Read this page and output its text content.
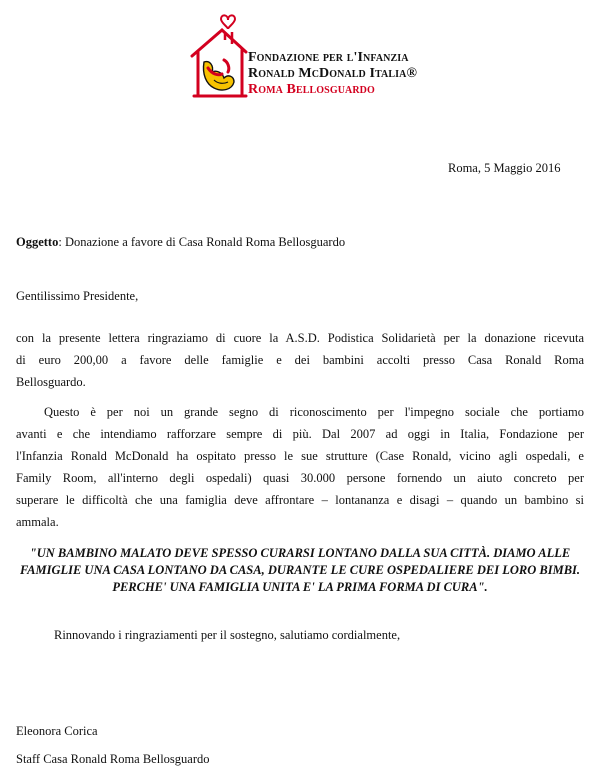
Fondazione per l'Infanzia
Ronald McDonald Italia®
Roma Bellosguardo
Roma, 5 Maggio 2016
Oggetto: Donazione a favore di Casa Ronald Roma Bellosguardo
Gentilissimo Presidente,
con la presente lettera ringraziamo di cuore la A.S.D. Podistica Solidarietà per la donazione ricevuta
di euro 200,00 a favore delle famiglie e dei bambini accolti presso Casa Ronald Roma
Bellosguardo.
Questo è per noi un grande segno di riconoscimento per l'impegno sociale che portiamo
avanti e che intendiamo rafforzare sempre di più. Dal 2007 ad oggi in Italia, Fondazione per
l'Infanzia Ronald McDonald ha ospitato presso le sue strutture (Case Ronald, vicino agli ospedali, e
Family Room, all'interno degli ospedali) quasi 30.000 persone fornendo un aiuto concreto per
superare le difficoltà che una famiglia deve affrontare – lontananza e disagi – quando un bambino si
ammala.
"UN BAMBINO MALATO DEVE SPESSO CURARSI LONTANO DALLA SUA CITTÀ. DIAMO ALLE
FAMIGLIE UNA CASA LONTANO DA CASA, DURANTE LE CURE OSPEDALIERE DEI LORO BIMBI.
PERCHE' UNA FAMIGLIA UNITA E' LA PRIMA FORMA DI CURA".
Rinnovando i ringraziamenti per il sostegno, salutiamo cordialmente,
Eleonora Corica
Staff Casa Ronald Roma Bellosguardo
